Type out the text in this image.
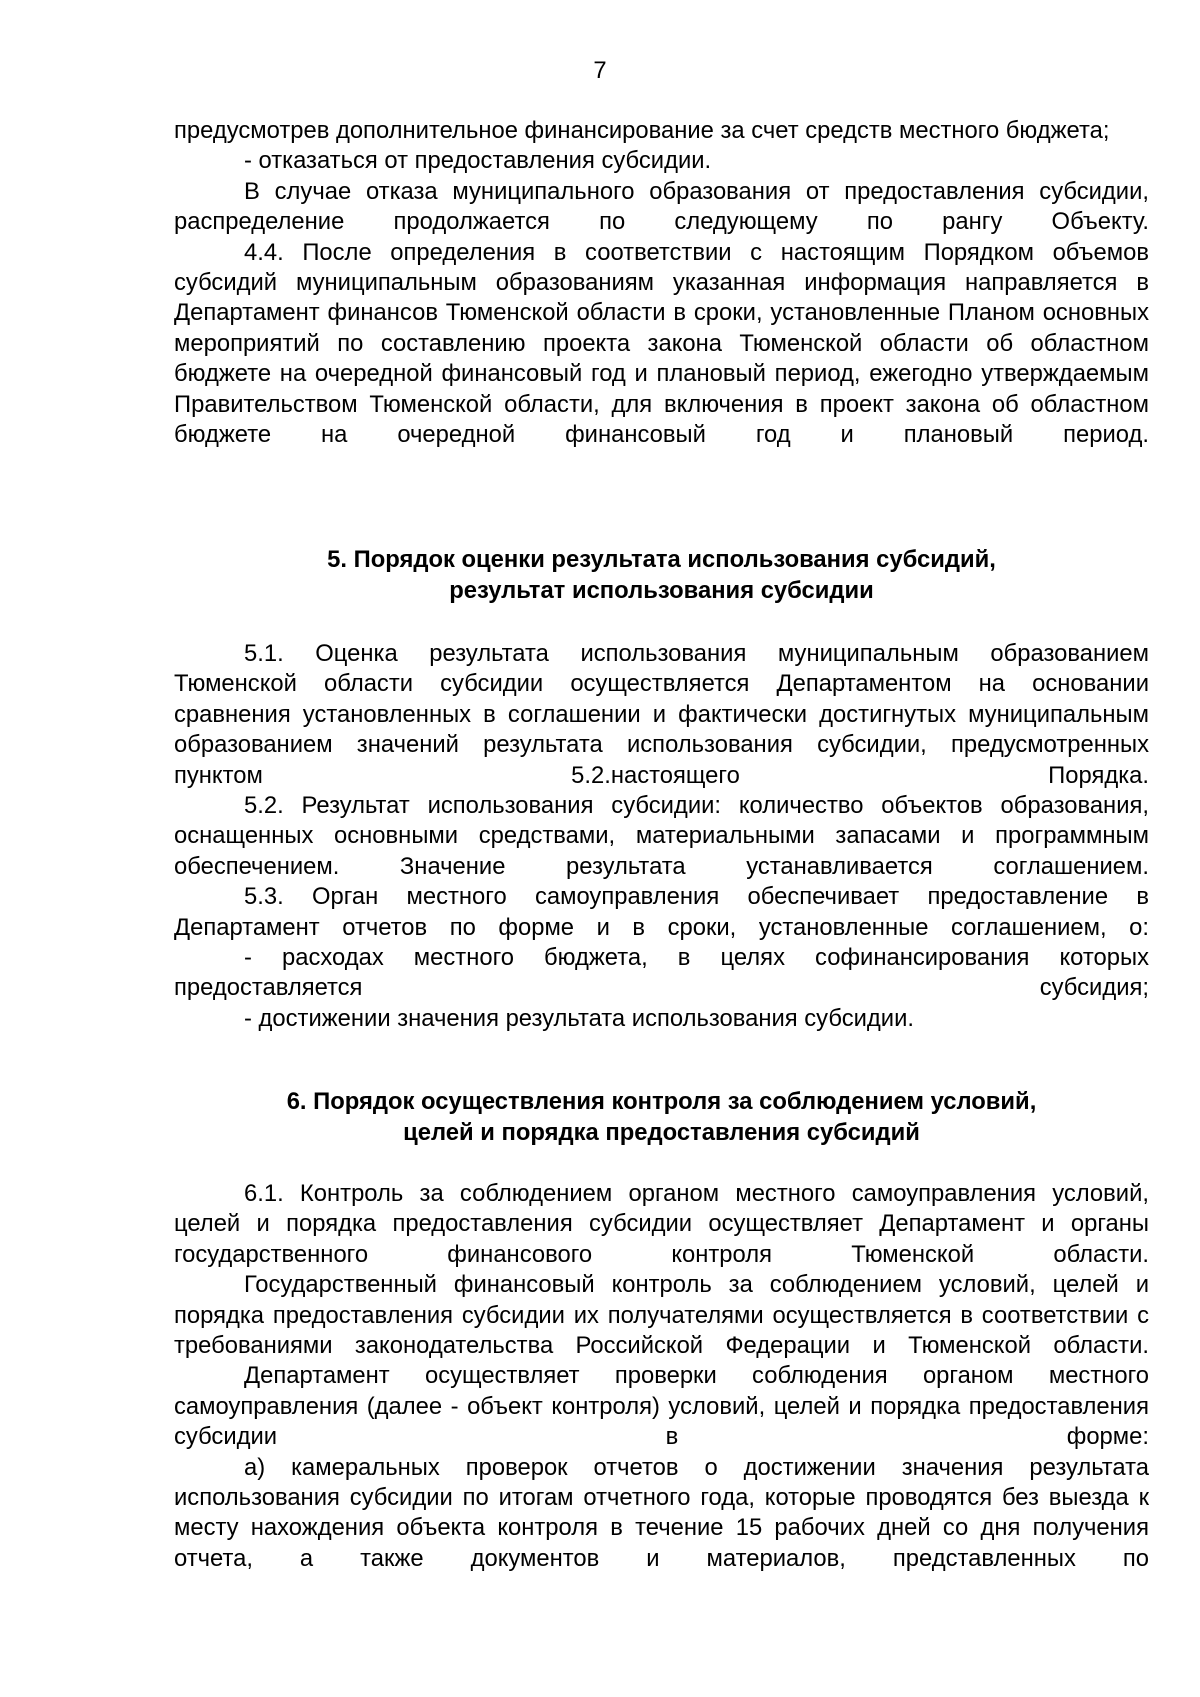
7

предусмотрев дополнительное финансирование за счет средств местного бюджета;

- отказаться от предоставления субсидии.

В случае отказа муниципального образования от предоставления субсидии, распределение продолжается по следующему по рангу Объекту.

4.4. После определения в соответствии с настоящим Порядком объемов субсидий муниципальным образованиям указанная информация направляется в Департамент финансов Тюменской области в сроки, установленные Планом основных мероприятий по составлению проекта закона Тюменской области об областном бюджете на очередной финансовый год и плановый период, ежегодно утверждаемым Правительством Тюменской области, для включения в проект закона об областном бюджете на очередной финансовый год и плановый период.

5. Порядок оценки результата использования субсидий,
результат использования субсидии

5.1. Оценка результата использования муниципальным образованием Тюменской области субсидии осуществляется Департаментом на основании сравнения установленных в соглашении и фактически достигнутых муниципальным образованием значений результата использования субсидии, предусмотренных пунктом 5.2.настоящего Порядка.

5.2. Результат использования субсидии: количество объектов образования, оснащенных основными средствами, материальными запасами и программным обеспечением. Значение результата устанавливается соглашением.

5.3. Орган местного самоуправления обеспечивает предоставление в Департамент отчетов по форме и в сроки, установленные соглашением, о:

- расходах местного бюджета, в целях софинансирования которых предоставляется субсидия;

- достижении значения результата использования субсидии.

6. Порядок осуществления контроля за соблюдением условий,
целей и порядка предоставления субсидий

6.1. Контроль за соблюдением органом местного самоуправления условий, целей и порядка предоставления субсидии осуществляет Департамент и органы государственного финансового контроля Тюменской области.

Государственный финансовый контроль за соблюдением условий, целей и порядка предоставления субсидии их получателями осуществляется в соответствии с требованиями законодательства Российской Федерации и Тюменской области.

Департамент осуществляет проверки соблюдения органом местного самоуправления (далее - объект контроля) условий, целей и порядка предоставления субсидии в форме:

а) камеральных проверок отчетов о достижении значения результата использования субсидии по итогам отчетного года, которые проводятся без выезда к месту нахождения объекта контроля в течение 15 рабочих дней со дня получения отчета, а также документов и материалов, представленных по
